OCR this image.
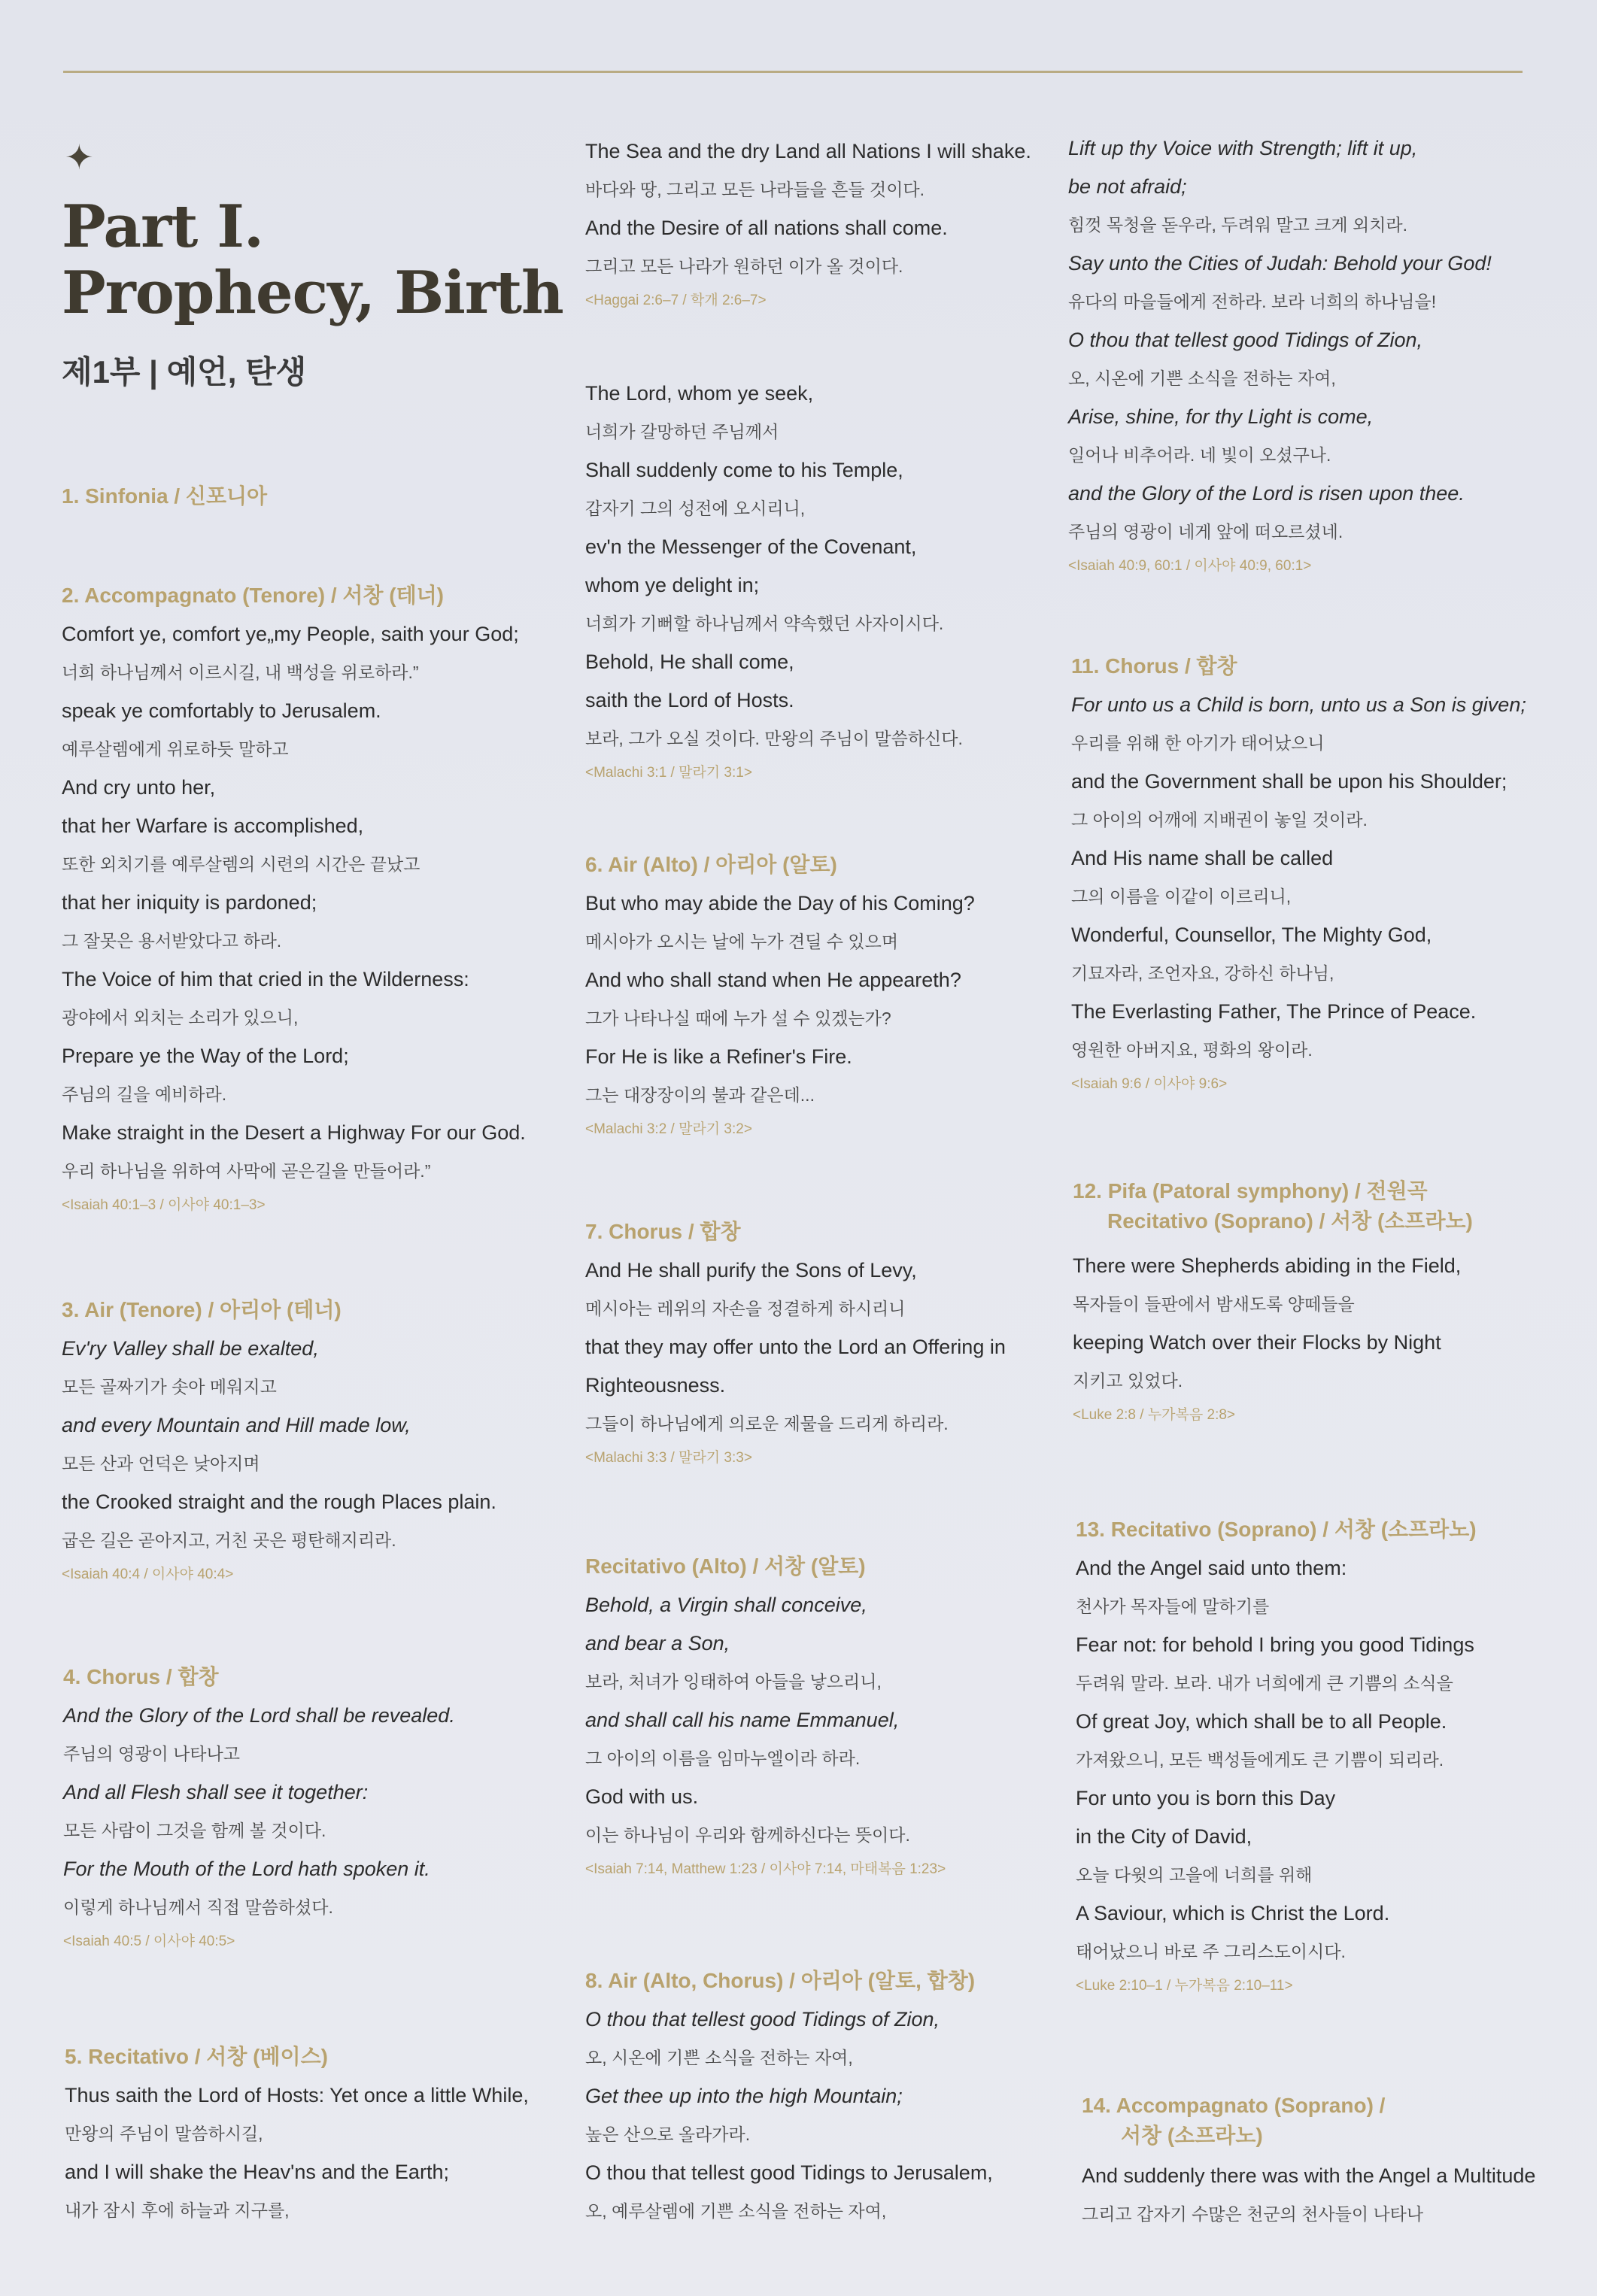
✦
Part I.
Prophecy, Birth
제1부 | 예언, 탄생
1. Sinfonia / 신포니아
2. Accompagnato (Tenore) / 서창 (테너)
Comfort ye, comfort ye„my People, saith your God;
너희 하나님께서 이르시길, 내 백성을 위로하라.”
speak ye comfortably to Jerusalem.
예루살렘에게 위로하듯 말하고
And cry unto her,
that her Warfare is accomplished,
또한 외치기를 예루살렘의 시련의 시간은 끝났고
that her iniquity is pardoned;
그 잘못은 용서받았다고 하라.
The Voice of him that cried in the Wilderness:
광야에서 외치는 소리가 있으니,
Prepare ye the Way of the Lord;
주님의 길을 예비하라.
Make straight in the Desert a Highway For our God.
우리 하나님을 위하여 사막에 곧은길을 만들어라.”
<Isaiah 40:1–3 / 이사야 40:1–3>
3. Air (Tenore) / 아리아 (테너)
Ev'ry Valley shall be exalted,
모든 골짜기가 솟아 메워지고
and every Mountain and Hill made low,
모든 산과 언덕은 낮아지며
the Crooked straight and the rough Places plain.
굽은 길은 곧아지고, 거친 곳은 평탄해지리라.
<Isaiah 40:4 / 이사야 40:4>
4. Chorus / 합창
And the Glory of the Lord shall be revealed.
주님의 영광이 나타나고
And all Flesh shall see it together:
모든 사람이 그것을 함께 볼 것이다.
For the Mouth of the Lord hath spoken it.
이렇게 하나님께서 직접 말씀하셨다.
<Isaiah 40:5 / 이사야 40:5>
5. Recitativo / 서창 (베이스)
Thus saith the Lord of Hosts: Yet once a little While,
만왕의 주님이 말씀하시길,
and I will shake the Heav'ns and the Earth;
내가 잠시 후에 하늘과 지구를,
The Sea and the dry Land all Nations I will shake.
바다와 땅, 그리고 모든 나라들을 흔들 것이다.
And the Desire of all nations shall come.
그리고 모든 나라가 원하던 이가 올 것이다.
<Haggai 2:6–7 / 학개 2:6–7>
The Lord, whom ye seek,
너희가 갈망하던 주님께서
Shall suddenly come to his Temple,
갑자기 그의 성전에 오시리니,
ev'n the Messenger of the Covenant,
whom ye delight in;
너희가 기뻐할 하나님께서 약속했던 사자이시다.
Behold, He shall come,
saith the Lord of Hosts.
보라, 그가 오실 것이다. 만왕의 주님이 말씀하신다.
<Malachi 3:1 / 말라기 3:1>
6. Air (Alto) / 아리아 (알토)
But who may abide the Day of his Coming?
메시아가 오시는 날에 누가 견딜 수 있으며
And who shall stand when He appeareth?
그가 나타나실 때에 누가 설 수 있겠는가?
For He is like a Refiner's Fire.
그는 대장장이의 불과 같은데...
<Malachi 3:2 / 말라기 3:2>
7. Chorus / 합창
And He shall purify the Sons of Levy,
메시아는 레위의 자손을 정결하게 하시리니
that they may offer unto the Lord an Offering in
Righteousness.
그들이 하나님에게 의로운 제물을 드리게 하리라.
<Malachi 3:3 / 말라기 3:3>
Recitativo (Alto) / 서창 (알토)
Behold, a Virgin shall conceive,
and bear a Son,
보라, 처녀가 잉태하여 아들을 낳으리니,
and shall call his name Emmanuel,
그 아이의 이름을 임마누엘이라 하라.
God with us.
이는 하나님이 우리와 함께하신다는 뜻이다.
<Isaiah 7:14, Matthew 1:23 / 이사야 7:14, 마태복음 1:23>
8. Air (Alto, Chorus) / 아리아 (알토, 합창)
O thou that tellest good Tidings of Zion,
오, 시온에 기쁜 소식을 전하는 자여,
Get thee up into the high Mountain;
높은 산으로 올라가라.
O thou that tellest good Tidings to Jerusalem,
오, 예루살렘에 기쁜 소식을 전하는 자여,
Lift up thy Voice with Strength; lift it up,
be not afraid;
힘껏 목청을 돋우라, 두려워 말고 크게 외치라.
Say unto the Cities of Judah: Behold your God!
유다의 마을들에게 전하라. 보라 너희의 하나님을!
O thou that tellest good Tidings of Zion,
오, 시온에 기쁜 소식을 전하는 자여,
Arise, shine, for thy Light is come,
일어나 비추어라. 네 빛이 오셨구나.
and the Glory of the Lord is risen upon thee.
주님의 영광이 네게 앞에 떠오르셨네.
<Isaiah 40:9, 60:1 / 이사야 40:9, 60:1>
11. Chorus / 합창
For unto us a Child is born, unto us a Son is given;
우리를 위해 한 아기가 태어났으니
and the Government shall be upon his Shoulder;
그 아이의 어깨에 지배권이 놓일 것이라.
And His name shall be called
그의 이름을 이같이 이르리니,
Wonderful, Counsellor, The Mighty God,
기묘자라, 조언자요, 강하신 하나님,
The Everlasting Father, The Prince of Peace.
영원한 아버지요, 평화의 왕이라.
<Isaiah 9:6 / 이사야 9:6>
12. Pifa (Patoral symphony) / 전원곡
Recitativo (Soprano) / 서창 (소프라노)
There were Shepherds abiding in the Field,
목자들이 들판에서 밤새도록 양떼들을
keeping Watch over their Flocks by Night
지키고 있었다.
<Luke 2:8 / 누가복음 2:8>
13. Recitativo (Soprano) / 서창 (소프라노)
And the Angel said unto them:
천사가 목자들에 말하기를
Fear not: for behold I bring you good Tidings
두려워 말라. 보라. 내가 너희에게 큰 기쁨의 소식을
Of great Joy, which shall be to all People.
가져왔으니, 모든 백성들에게도 큰 기쁨이 되리라.
For unto you is born this Day
in the City of David,
오늘 다윗의 고을에 너희를 위해
A Saviour, which is Christ the Lord.
태어났으니 바로 주 그리스도이시다.
<Luke 2:10–1 / 누가복음 2:10–11>
14. Accompagnato (Soprano) /
서창 (소프라노)
And suddenly there was with the Angel a Multitude
그리고 갑자기 수많은 천군의 천사들이 나타나
